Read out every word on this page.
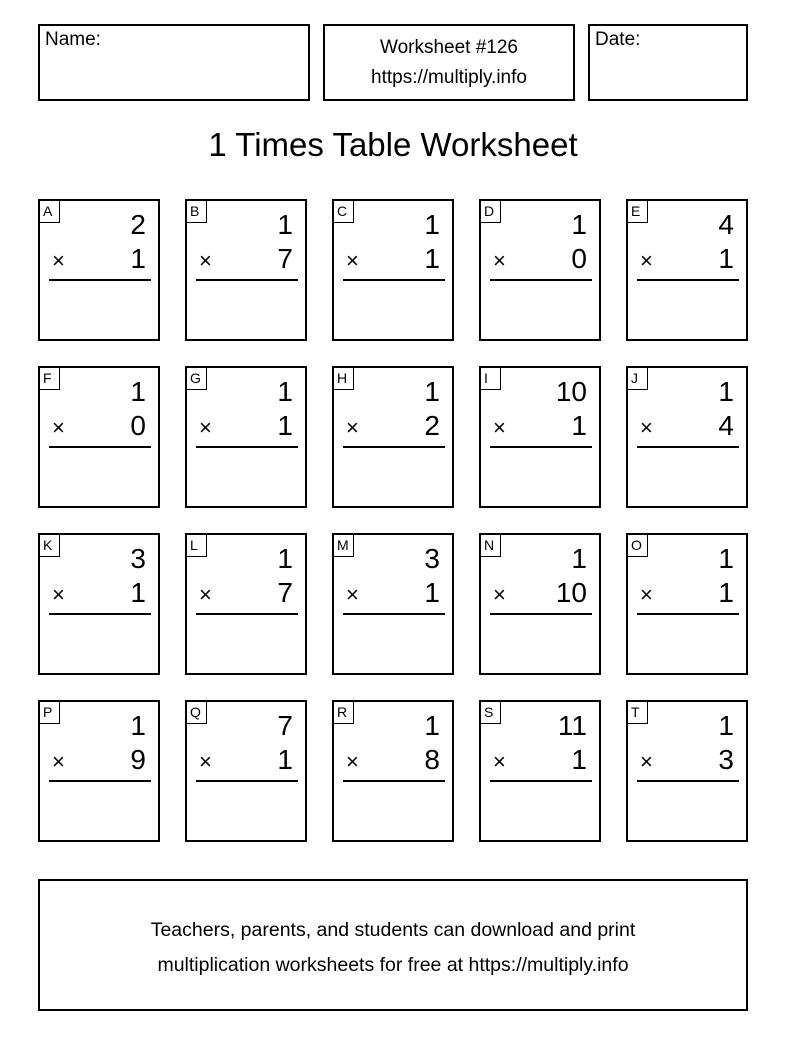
Name:	Worksheet #126
https://multiply.info
Date:
1 Times Table Worksheet
A	2
× 1
B	1
× 7
C	1
× 1
D	1
× 0
E	4
× 1
F	1
× 0
G	1
× 1
H	1
× 2
I	10
× 1
J	1
× 4
K	3
× 1
L	1
× 7
M	3
× 1
N	1
× 10
O	1
× 1
P	1
× 9
Q	7
× 1
R	1
× 8
S 11
× 1
T	1
× 3
Teachers, parents, and students can download and print
multiplication worksheets for free at https://multiply.info
